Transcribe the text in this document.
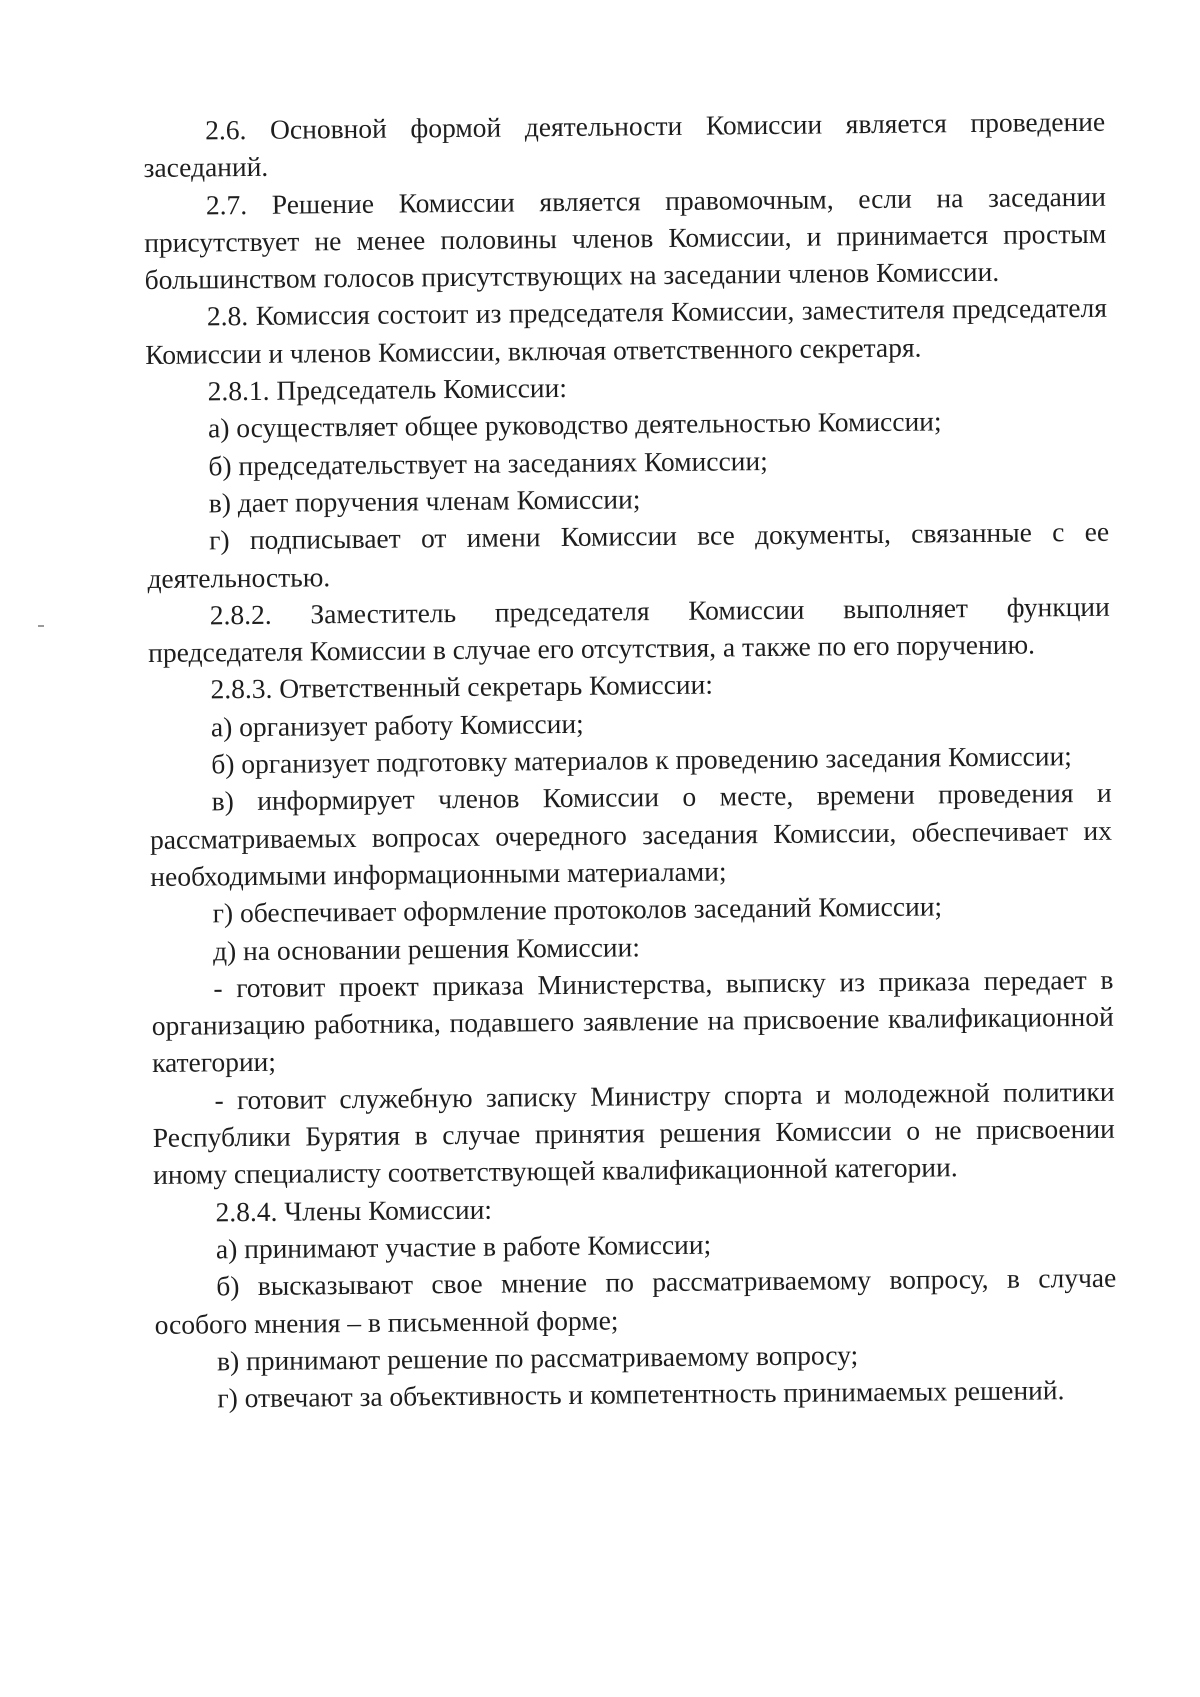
2.6. Основной формой деятельности Комиссии является проведение заседаний.

2.7. Решение Комиссии является правомочным, если на заседании присутствует не менее половины членов Комиссии, и принимается простым большинством голосов присутствующих на заседании членов Комиссии.

2.8. Комиссия состоит из председателя Комиссии, заместителя председателя Комиссии и членов Комиссии, включая ответственного секретаря.

2.8.1. Председатель Комиссии:

а) осуществляет общее руководство деятельностью Комиссии;

б) председательствует на заседаниях Комиссии;

в) дает поручения членам Комиссии;

г) подписывает от имени Комиссии все документы, связанные с ее деятельностью.

2.8.2. Заместитель председателя Комиссии выполняет функции председателя Комиссии в случае его отсутствия, а также по его поручению.

2.8.3. Ответственный секретарь Комиссии:

а) организует работу Комиссии;

б) организует подготовку материалов к проведению заседания Комиссии;

в) информирует членов Комиссии о месте, времени проведения и рассматриваемых вопросах очередного заседания Комиссии, обеспечивает их необходимыми информационными материалами;

г) обеспечивает оформление протоколов заседаний Комиссии;

д) на основании решения Комиссии:

- готовит проект приказа Министерства, выписку из приказа передает в организацию работника, подавшего заявление на присвоение квалификационной категории;

- готовит служебную записку Министру спорта и молодежной политики Республики Бурятия в случае принятия решения Комиссии о не присвоении иному специалисту соответствующей квалификационной категории.

2.8.4. Члены Комиссии:

а) принимают участие в работе Комиссии;

б) высказывают свое мнение по рассматриваемому вопросу, в случае особого мнения – в письменной форме;

в) принимают решение по рассматриваемому вопросу;

г) отвечают за объективность и компетентность принимаемых решений.
